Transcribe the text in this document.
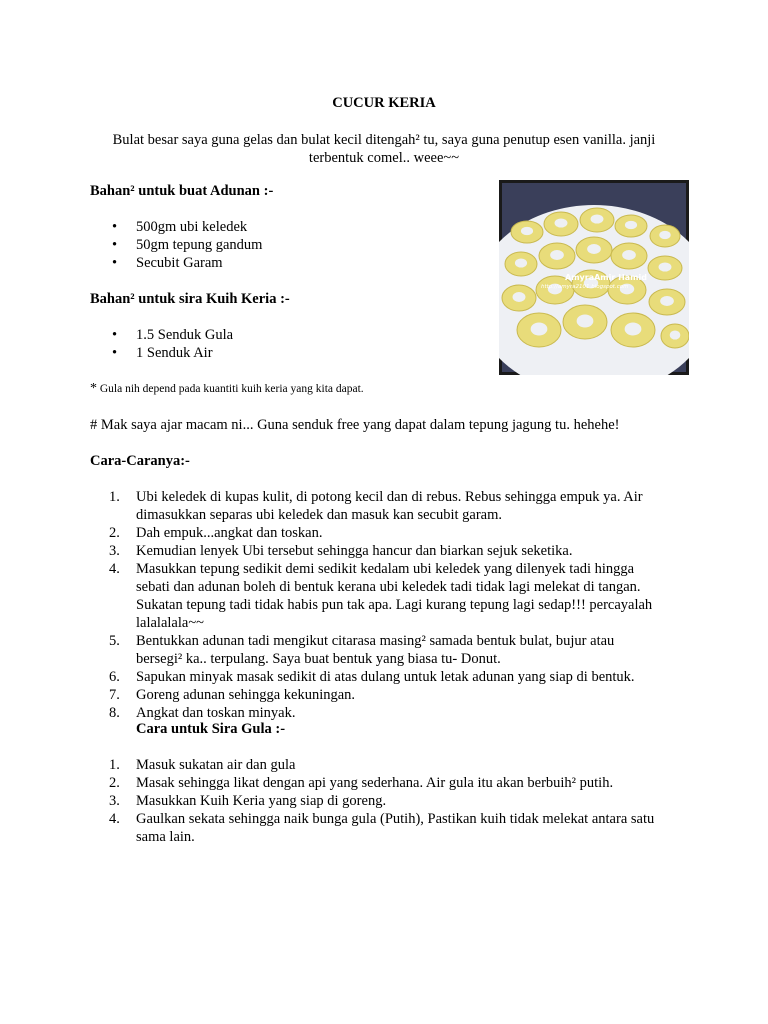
CUCUR KERIA
Bulat besar saya guna gelas dan bulat kecil ditengah² tu, saya guna penutup esen vanilla. janji terbentuk comel.. weee~~
Bahan² untuk buat Adunan :-
• 500gm ubi keledek
• 50gm tepung gandum
• Secubit Garam
Bahan² untuk sira Kuih Keria :-
• 1.5 Senduk Gula
• 1 Senduk Air
* Gula nih depend pada kuantiti kuih keria yang kita dapat.
# Mak saya ajar macam ni... Guna senduk free yang dapat dalam tepung jagung tu. hehehe!
Cara-Caranya:-
1.	Ubi keledek di kupas kulit, di potong kecil dan di rebus. Rebus sehingga empuk ya. Air
dimasukkan separas ubi keledek dan masuk kan secubit garam.
2.	Dah empuk...angkat dan toskan.
3.	Kemudian lenyek Ubi tersebut sehingga hancur dan biarkan sejuk seketika.
4.	Masukkan tepung sedikit demi sedikit kedalam ubi keledek yang dilenyek tadi hingga
sebati dan adunan boleh di bentuk kerana ubi keledek tadi tidak lagi melekat di tangan.
Sukatan tepung tadi tidak habis pun tak apa. Lagi kurang tepung lagi sedap!!! percayalah
lalalalala~~
5.	Bentukkan adunan tadi mengikut citarasa masing² samada bentuk bulat, bujur atau
bersegi² ka.. terpulang. Saya buat bentuk yang biasa tu- Donut.
6.	Sapukan minyak masak sedikit di atas dulang untuk letak adunan yang siap di bentuk.
7.	Goreng adunan sehingga kekuningan.
8.	Angkat dan toskan minyak.
Cara untuk Sira Gula :-
1.	Masuk sukatan air dan gula
2.	Masak sehingga likat dengan api yang sederhana. Air gula itu akan berbuih² putih.
3.	Masukkan Kuih Keria yang siap di goreng.
4.	Gaulkan sekata sehingga naik bunga gula (Putih), Pastikan kuih tidak melekat antara satu
sama lain.
AmyraAmir Hamid
http://amyra2101.blogspot.com
